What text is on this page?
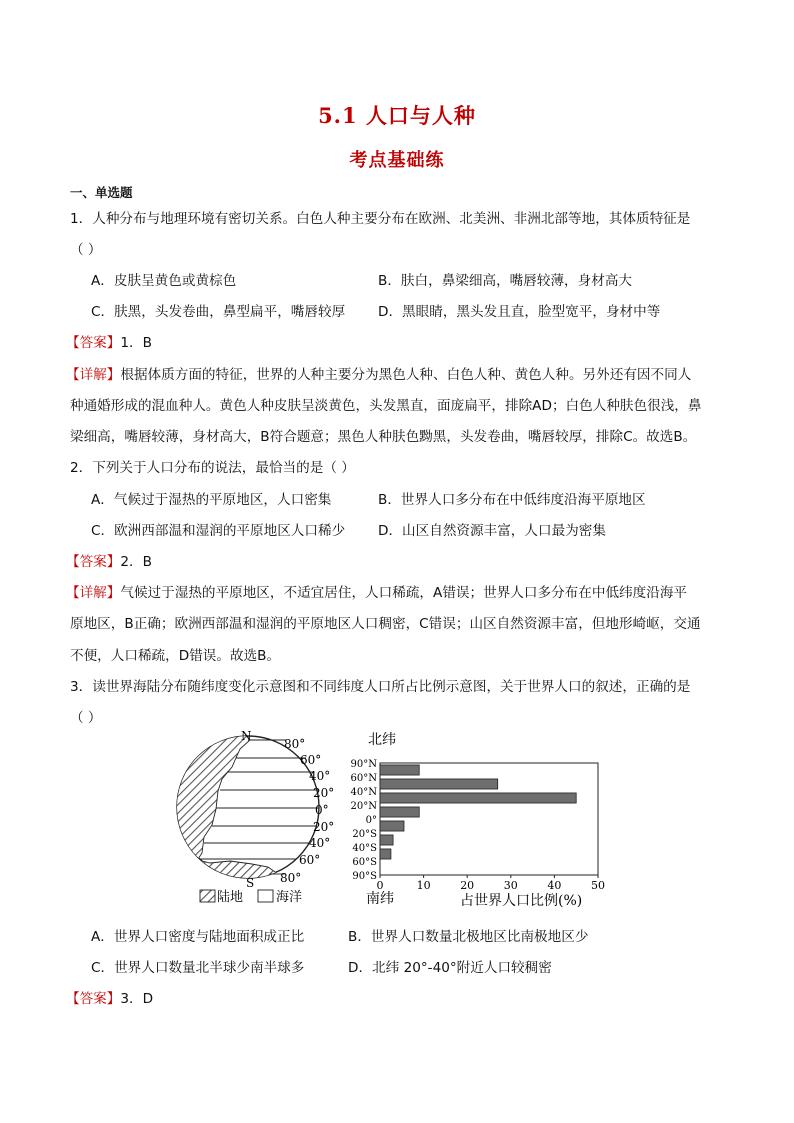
5.1 人口与人种
考点基础练
一、单选题
1．人种分布与地理环境有密切关系。白色人种主要分布在欧洲、北美洲、非洲北部等地，其体质特征是
（ ）
A．皮肤呈黄色或黄棕色	B．肤白，鼻梁细高，嘴唇较薄，身材高大
C．肤黑，头发卷曲，鼻型扁平，嘴唇较厚 D．黑眼睛，黑头发且直，脸型宽平，身材中等
【答案】1．B
【详解】根据体质方面的特征，世界的人种主要分为黑色人种、白色人种、黄色人种。另外还有因不同人
种通婚形成的混血种人。黄色人种皮肤呈淡黄色，头发黑直，面庞扁平，排除AD；白色人种肤色很浅，鼻
梁细高，嘴唇较薄，身材高大，B符合题意；黑色人种肤色黝黑，头发卷曲，嘴唇较厚，排除C。故选B。
2．下列关于人口分布的说法，最恰当的是（ ）
A．气候过于湿热的平原地区，人口密集	B．世界人口多分布在中低纬度沿海平原地区
C．欧洲西部温和湿润的平原地区人口稀少 D．山区自然资源丰富，人口最为密集
【答案】2．B
【详解】气候过于湿热的平原地区，不适宜居住，人口稀疏，A错误；世界人口多分布在中低纬度沿海平
原地区，B正确；欧洲西部温和湿润的平原地区人口稠密，C错误；山区自然资源丰富，但地形崎岖，交通
不便，人口稀疏，D错误。故选B。
3．读世界海陆分布随纬度变化示意图和不同纬度人口所占比例示意图，关于世界人口的叙述，正确的是
（ ）
N
S
80°
60°
40°
20°
0°
20°
40°
60°
80°
陆地	海洋
北纬
南纬	占世界人口比例(%)
90°N
60°N
40°N
20°N
0°
20°S
40°S
60°S
90°S
0	10	20	30	40	50
A．世界人口密度与陆地面积成正比	B．世界人口数量北极地区比南极地区少
C．世界人口数量北半球少南半球多	D．北纬 20°-40°附近人口较稠密
【答案】3．D
